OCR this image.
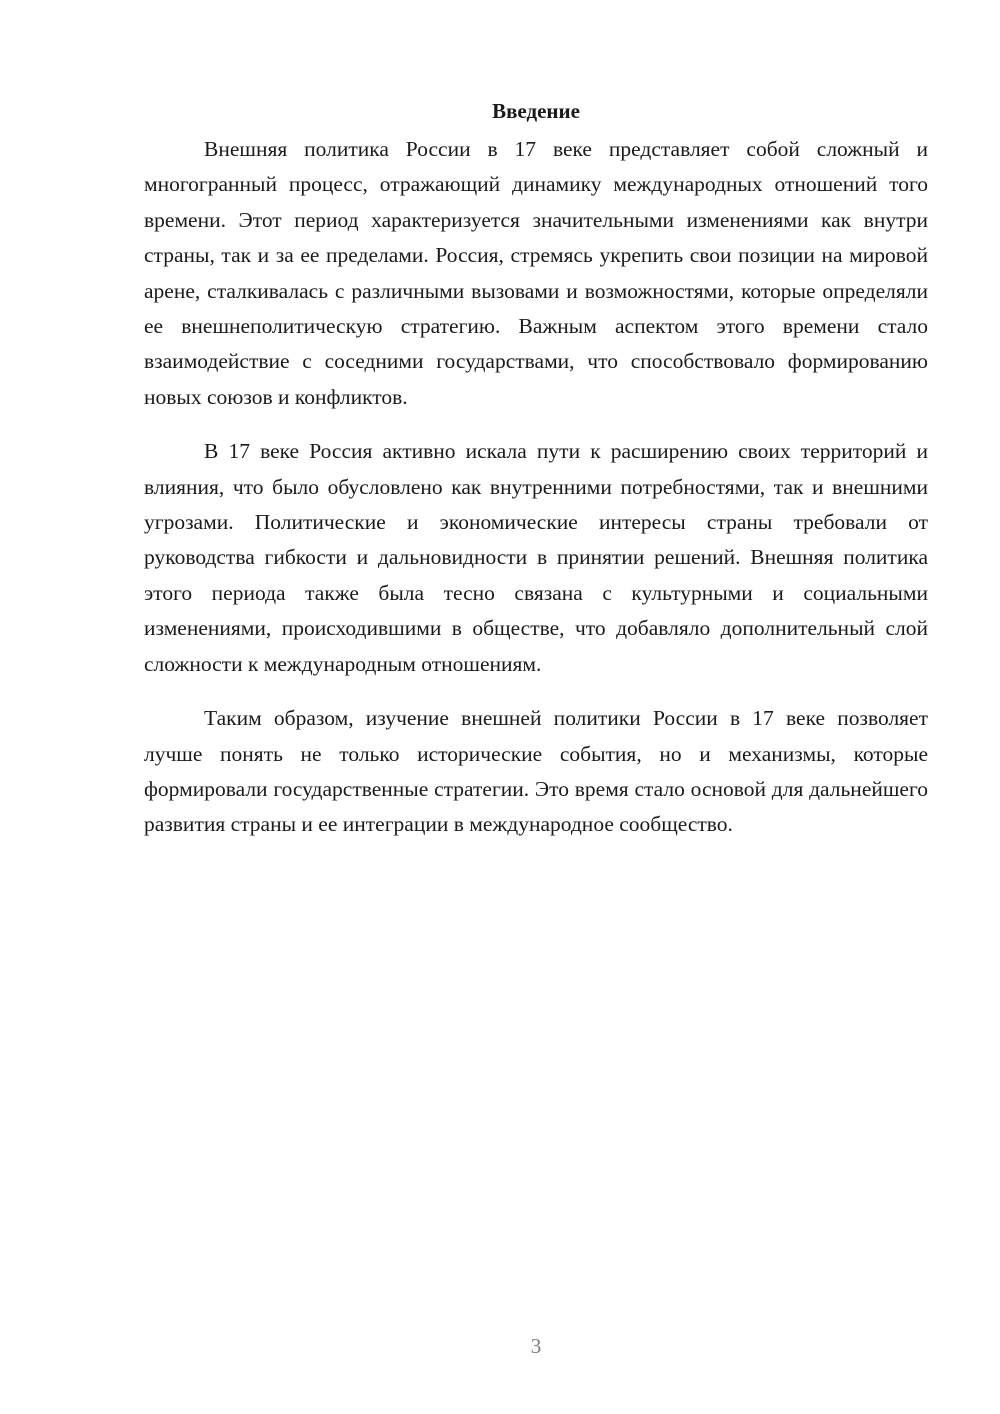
Введение

Внешняя политика России в 17 веке представляет собой сложный и многогранный процесс, отражающий динамику международных отношений того времени. Этот период характеризуется значительными изменениями как внутри страны, так и за ее пределами. Россия, стремясь укрепить свои позиции на мировой арене, сталкивалась с различными вызовами и возможностями, которые определяли ее внешнеполитическую стратегию. Важным аспектом этого времени стало взаимодействие с соседними государствами, что способствовало формированию новых союзов и конфликтов.

В 17 веке Россия активно искала пути к расширению своих территорий и влияния, что было обусловлено как внутренними потребностями, так и внешними угрозами. Политические и экономические интересы страны требовали от руководства гибкости и дальновидности в принятии решений. Внешняя политика этого периода также была тесно связана с культурными и социальными изменениями, происходившими в обществе, что добавляло дополнительный слой сложности к международным отношениям.

Таким образом, изучение внешней политики России в 17 веке позволяет лучше понять не только исторические события, но и механизмы, которые формировали государственные стратегии. Это время стало основой для дальнейшего развития страны и ее интеграции в международное сообщество.

3
